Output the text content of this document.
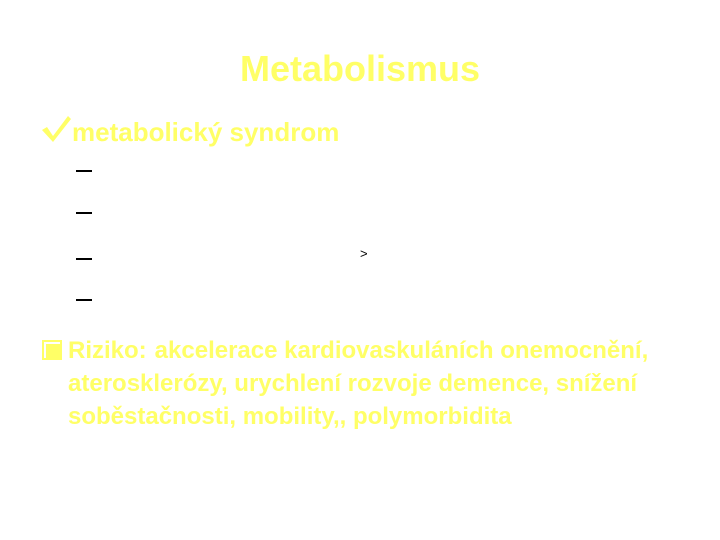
Metabolismus
metabolický syndrom
>
Riziko: akcelerace kardiovaskuláních onemocnění, aterosklerózy, urychlení rozvoje demence, snížení soběstačnosti, mobility,, polymorbidita
